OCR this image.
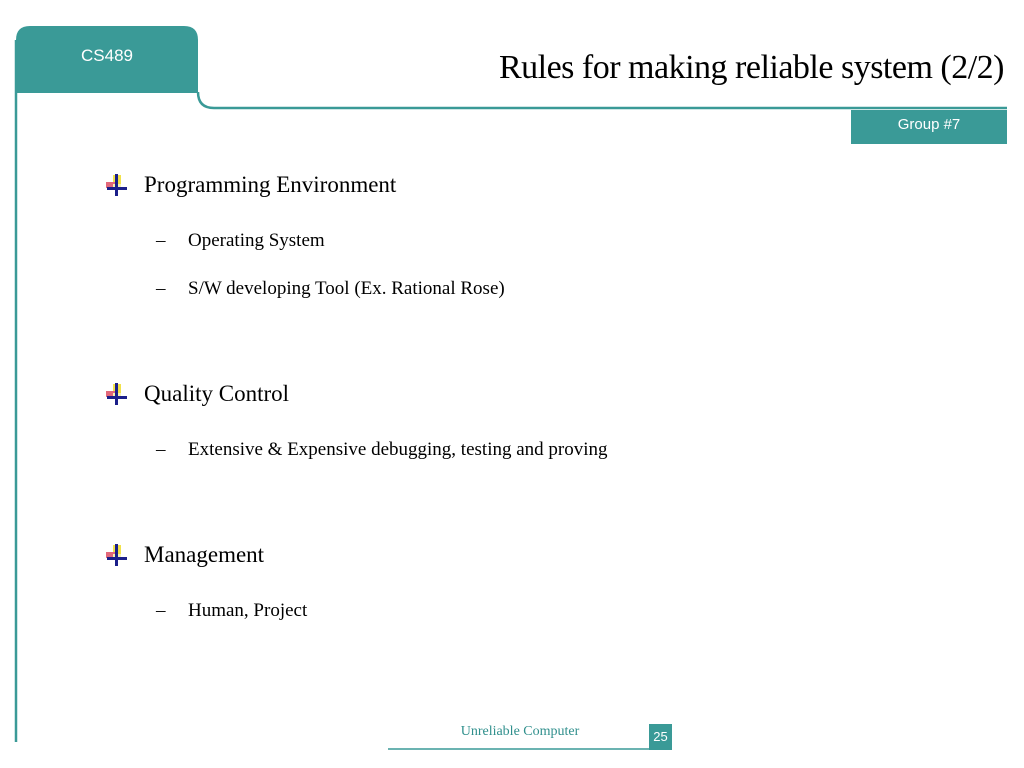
CS489	Rules for making reliable system (2/2)
Group #7
Programming Environment
–	Operating System
–	S/W developing Tool (Ex. Rational Rose)
Quality Control
–	Extensive & Expensive debugging, testing and proving
Management
–	Human, Project
Unreliable Computer	25
